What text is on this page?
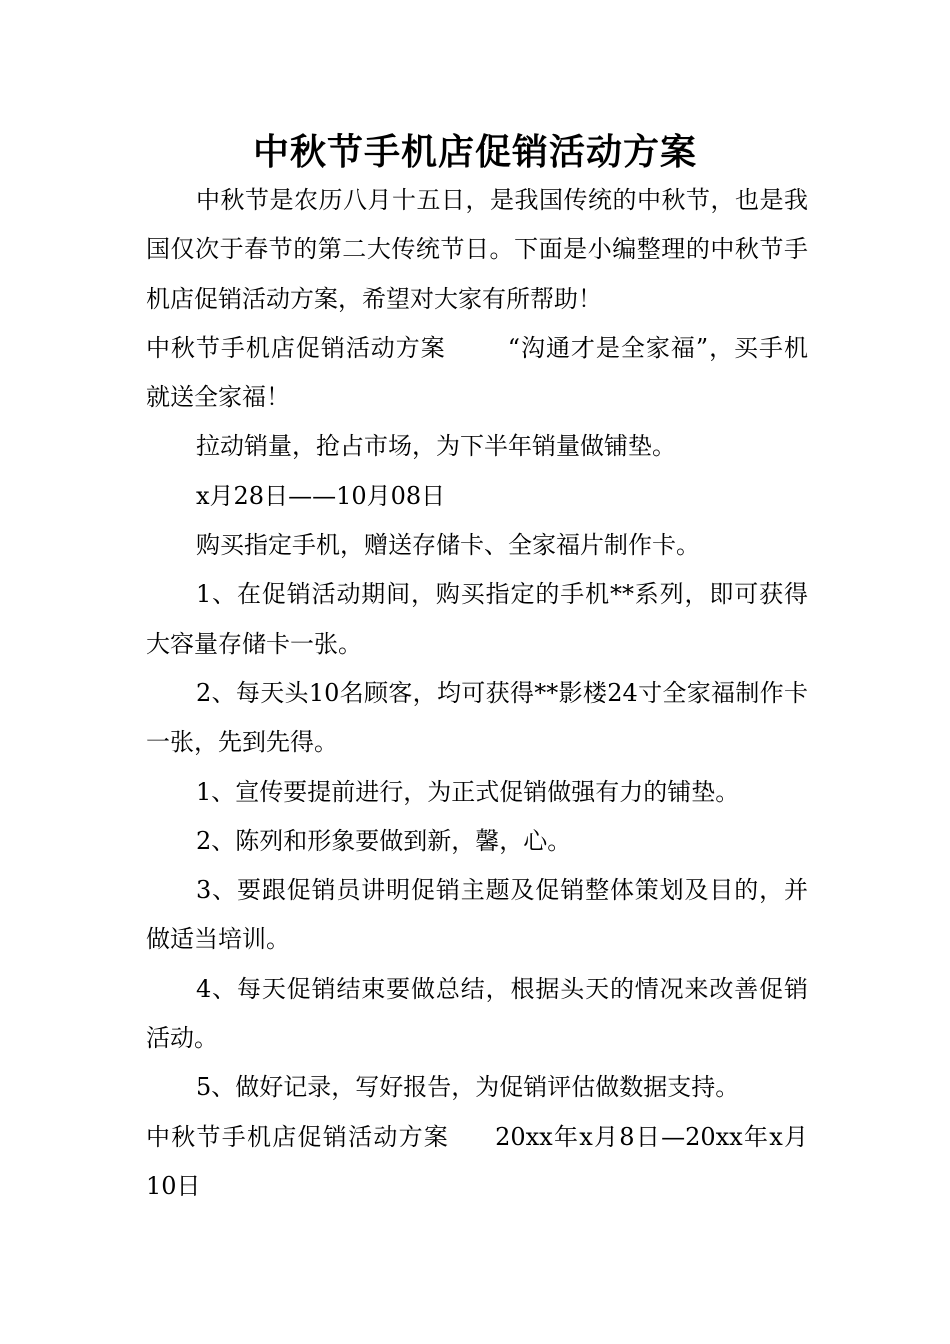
中秋节手机店促销活动方案

中秋节是农历八月十五日，是我国传统的中秋节，也是我国仅次于春节的第二大传统节日。下面是小编整理的中秋节手机店促销活动方案，希望对大家有所帮助！

中秋节手机店促销活动方案	“沟通才是全家福”，买手机就送全家福！

拉动销量，抢占市场，为下半年销量做铺垫。

x月28日——10月08日

购买指定手机，赠送存储卡、全家福片制作卡。

1、在促销活动期间，购买指定的手机**系列，即可获得大容量存储卡一张。

2、每天头10名顾客，均可获得**影楼24寸全家福制作卡一张，先到先得。

1、宣传要提前进行，为正式促销做强有力的铺垫。

2、陈列和形象要做到新，馨，心。

3、要跟促销员讲明促销主题及促销整体策划及目的，并做适当培训。

4、每天促销结束要做总结，根据头天的情况来改善促销活动。

5、做好记录，写好报告，为促销评估做数据支持。

中秋节手机店促销活动方案 20xx年x月8日—20xx年x月10日
